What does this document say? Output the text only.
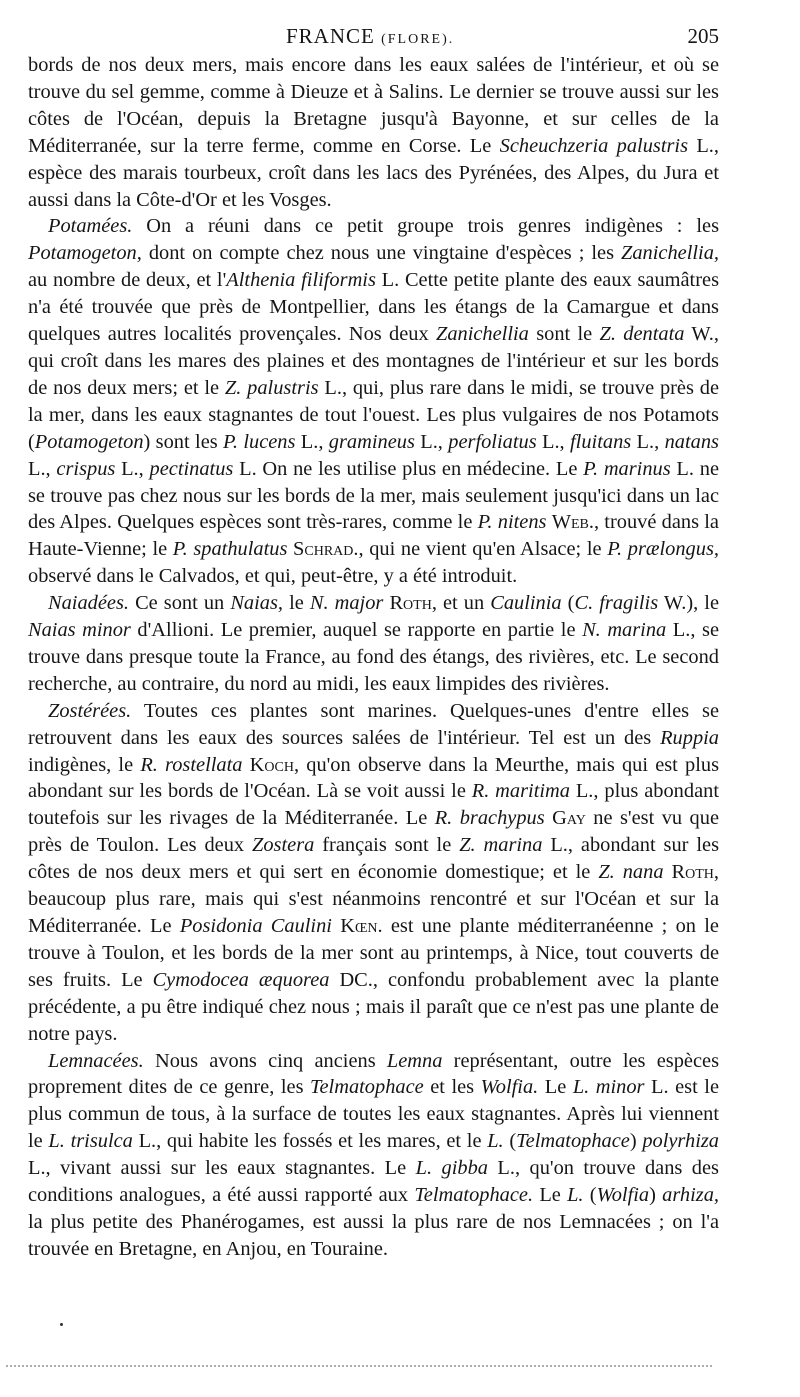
FRANCE (FLORE).	205

bords de nos deux mers, mais encore dans les eaux salées de l'intérieur, et où se trouve du sel gemme, comme à Dieuze et à Salins. Le dernier se trouve aussi sur les côtes de l'Océan, depuis la Bretagne jusqu'à Bayonne, et sur celles de la Méditerranée, sur la terre ferme, comme en Corse. Le Scheuchzeria palustris L., espèce des marais tourbeux, croît dans les lacs des Pyrénées, des Alpes, du Jura et aussi dans la Côte-d'Or et les Vosges.

Potamées. On a réuni dans ce petit groupe trois genres indigènes : les Potamogeton, dont on compte chez nous une vingtaine d'espèces ; les Zanichellia, au nombre de deux, et l'Althenia filiformis L. Cette petite plante des eaux saumâtres n'a été trouvée que près de Montpellier, dans les étangs de la Camargue et dans quelques autres localités provençales. Nos deux Zanichellia sont le Z. dentata W., qui croît dans les mares des plaines et des montagnes de l'intérieur et sur les bords de nos deux mers; et le Z. palustris L., qui, plus rare dans le midi, se trouve près de la mer, dans les eaux stagnantes de tout l'ouest. Les plus vulgaires de nos Potamots (Potamogeton) sont les P. lucens L., gramineus L., perfoliatus L., fluitans L., natans L., crispus L., pectinatus L. On ne les utilise plus en médecine. Le P. marinus L. ne se trouve pas chez nous sur les bords de la mer, mais seulement jusqu'ici dans un lac des Alpes. Quelques espèces sont très-rares, comme le P. nitens Web., trouvé dans la Haute-Vienne; le P. spathulatus Schrad., qui ne vient qu'en Alsace; le P. prælongus, observé dans le Calvados, et qui, peut-être, y a été introduit.

Naiadées. Ce sont un Naias, le N. major Roth, et un Caulinia (C. fragilis W.), le Naias minor d'Allioni. Le premier, auquel se rapporte en partie le N. marina L., se trouve dans presque toute la France, au fond des étangs, des rivières, etc. Le second recherche, au contraire, du nord au midi, les eaux limpides des rivières.

Zostérées. Toutes ces plantes sont marines. Quelques-unes d'entre elles se retrouvent dans les eaux des sources salées de l'intérieur. Tel est un des Ruppia indigènes, le R. rostellata Koch, qu'on observe dans la Meurthe, mais qui est plus abondant sur les bords de l'Océan. Là se voit aussi le R. maritima L., plus abondant toutefois sur les rivages de la Méditerranée. Le R. brachypus Gay ne s'est vu que près de Toulon. Les deux Zostera français sont le Z. marina L., abondant sur les côtes de nos deux mers et qui sert en économie domestique; et le Z. nana Roth, beaucoup plus rare, mais qui s'est néanmoins rencontré et sur l'Océan et sur la Méditerranée. Le Posidonia Caulini Kœn. est une plante méditerranéenne ; on le trouve à Toulon, et les bords de la mer sont au printemps, à Nice, tout couverts de ses fruits. Le Cymodocea æquorea DC., confondu probablement avec la plante précédente, a pu être indiqué chez nous ; mais il paraît que ce n'est pas une plante de notre pays.

Lemnacées. Nous avons cinq anciens Lemna représentant, outre les espèces proprement dites de ce genre, les Telmatophace et les Wolfia. Le L. minor L. est le plus commun de tous, à la surface de toutes les eaux stagnantes. Après lui viennent le L. trisulca L., qui habite les fossés et les mares, et le L. (Telmatophace) polyrhiza L., vivant aussi sur les eaux stagnantes. Le L. gibba L., qu'on trouve dans des conditions analogues, a été aussi rapporté aux Telmatophace. Le L. (Wolfia) arhiza, la plus petite des Phanérogames, est aussi la plus rare de nos Lemnacées ; on l'a trouvée en Bretagne, en Anjou, en Touraine.
